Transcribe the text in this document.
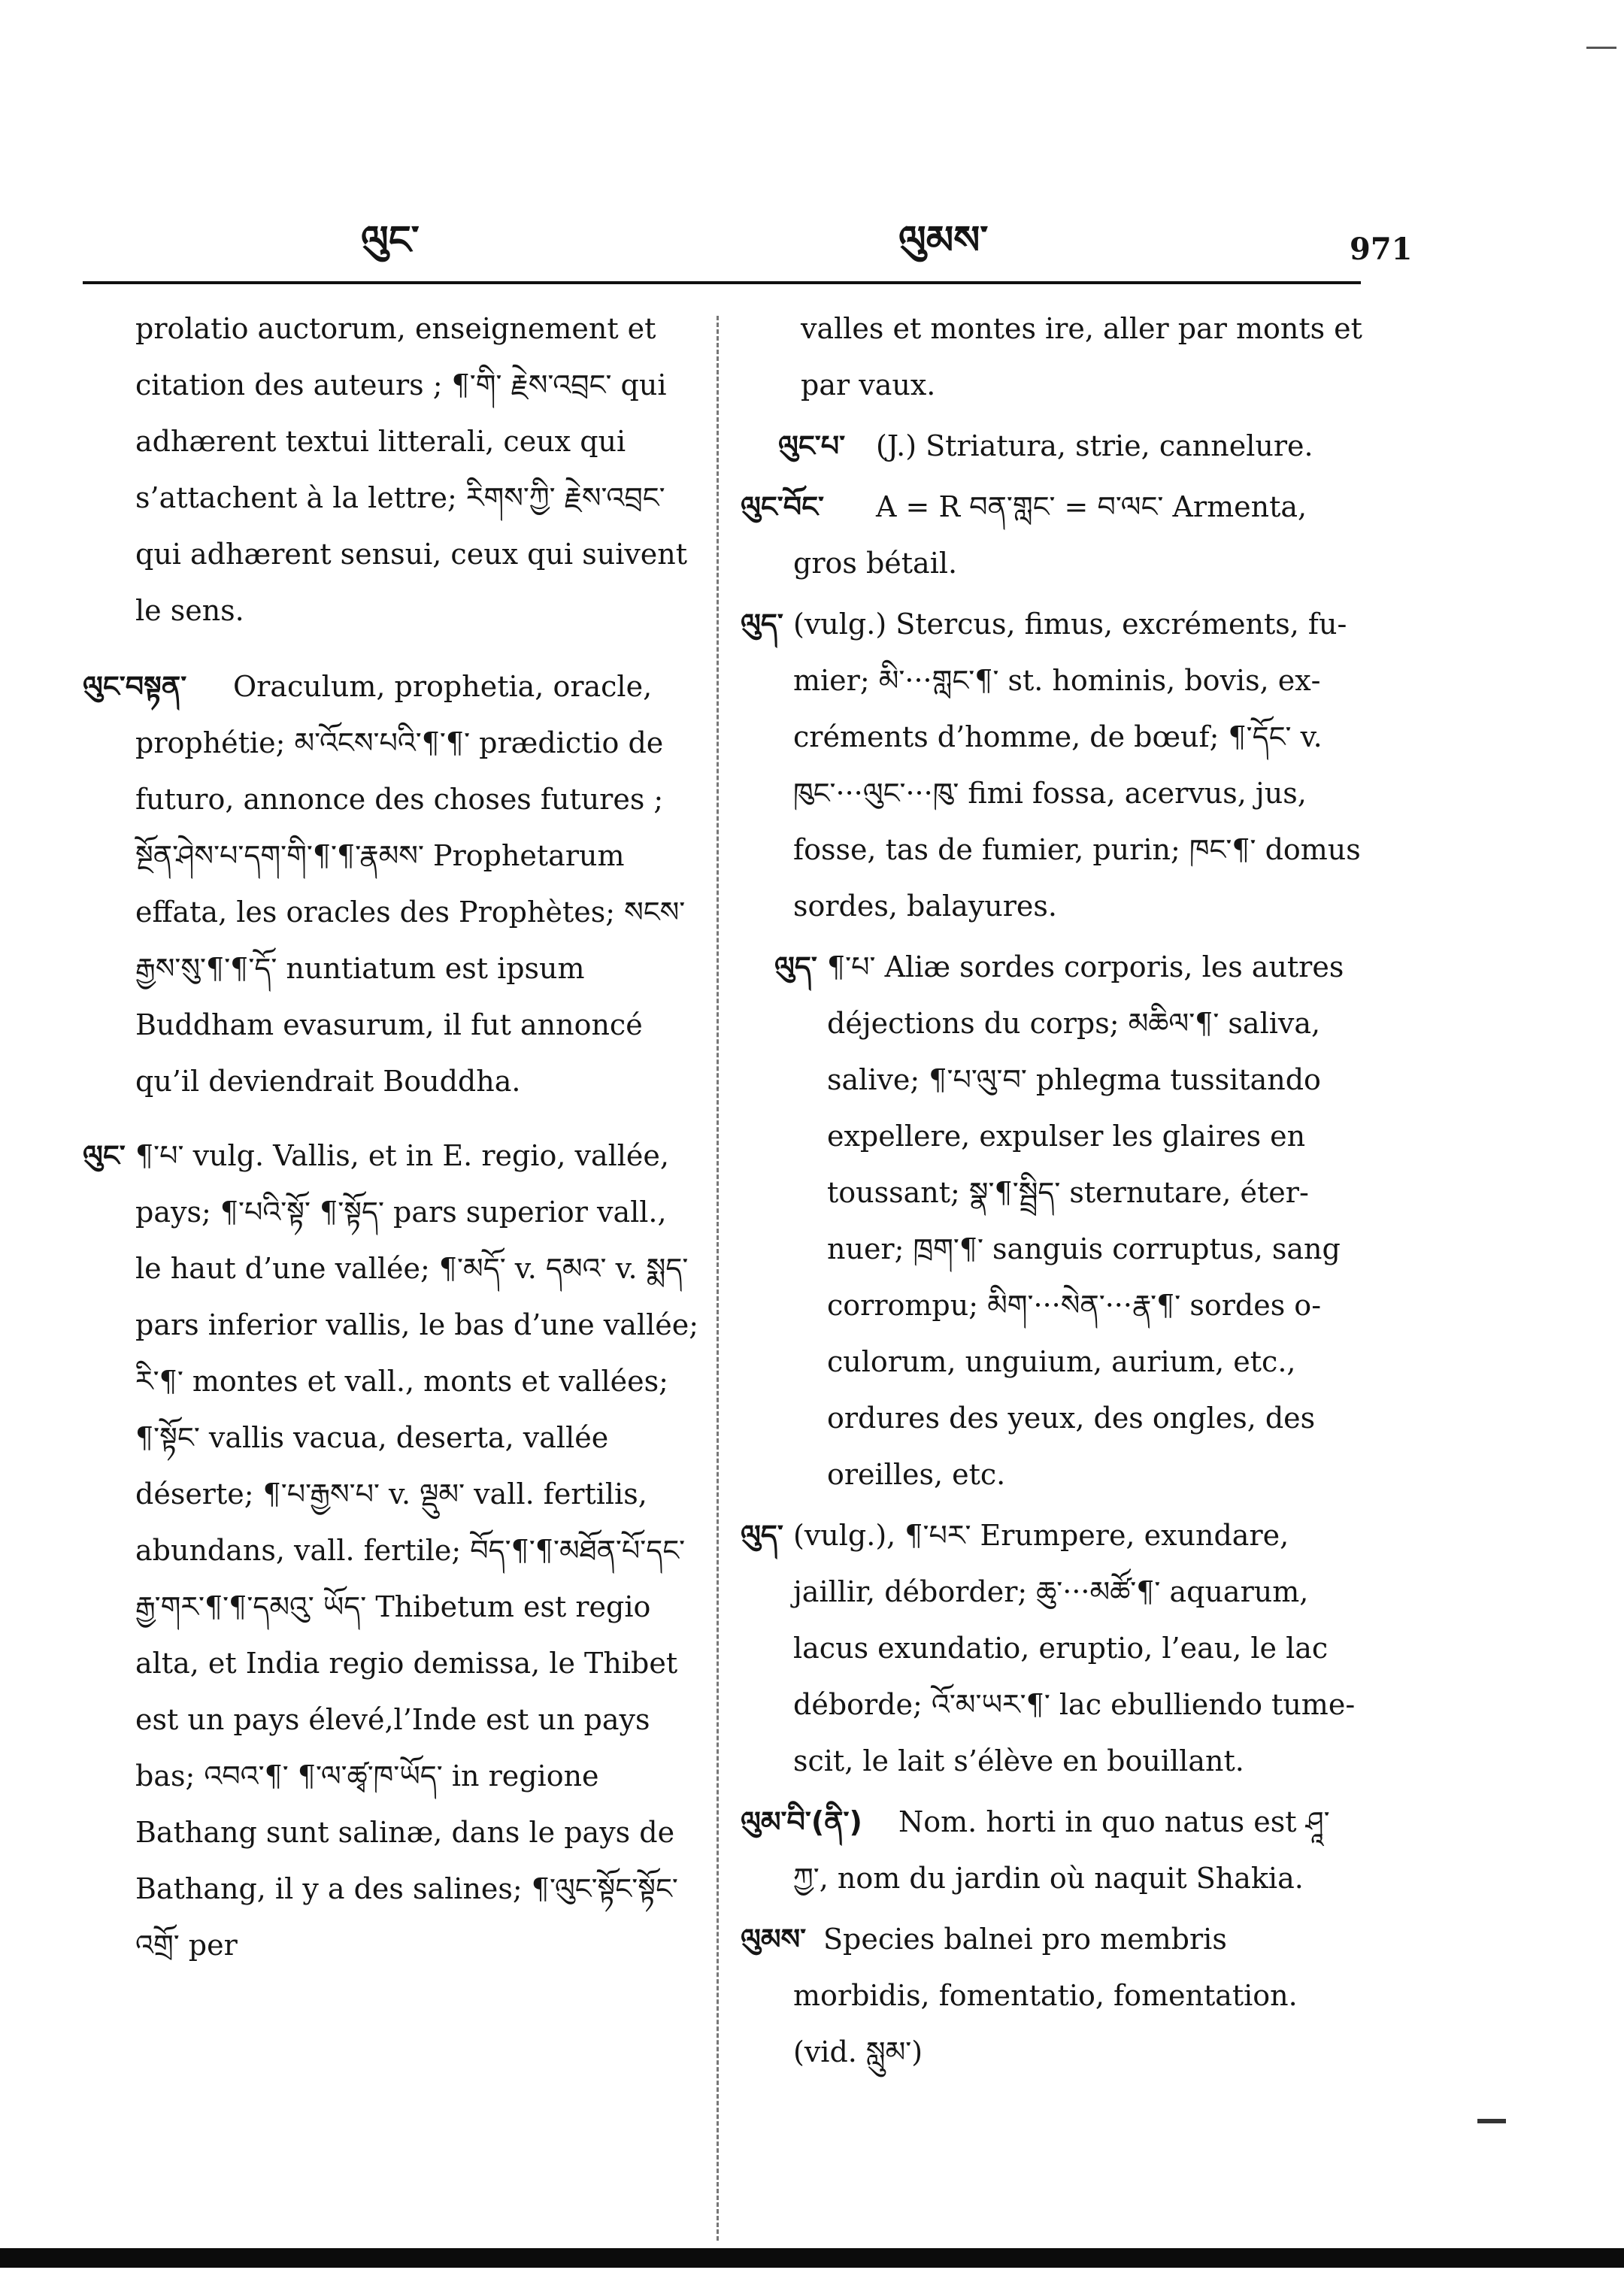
ལུང་	ལུམས་	971

prolatio auctorum, enseignement et citation des auteurs ; ¶་གི་ རྗེས་འབྲང་ qui adhærent textui litterali, ceux qui s’attachent à la lettre; རིགས་ཀྱི་ རྗེས་འབྲང་ qui adhærent sensui, ceux qui suivent le sens.

ལུང་བསྟན་ Oraculum, prophetia, oracle, prophétie; མ་འོངས་པའི་¶་¶་ prædictio de futuro, annonce des choses futures ; སྔོན་ཤེས་པ་དག་གི་¶་¶་རྣམས་ Prophetarum effata, les oracles des Prophètes; སངས་རྒྱས་སུ་¶་¶་དོ་ nuntiatum est ipsum Buddham evasurum, il fut annoncé qu’il deviendrait Bouddha.
ལུང་ ¶་པ་ vulg. Vallis, et in E. regio, vallée, pays; ¶་པའི་སྟོ་ ¶་སྟོད་ pars superior vall., le haut d’une vallée; ¶་མདོ་ v. དམའ་ v. སྨད་ pars inferior vallis, le bas d’une vallée; རི་¶་ montes et vall., monts et vallées; ¶་སྟོང་ vallis vacua, deserta, vallée déserte; ¶་པ་རྒྱས་པ་ v. ལྡུམ་ vall. fertilis, abundans, vall. fertile; བོད་¶་¶་མཐོན་པོ་དང་རྒྱ་གར་¶་¶་དམའུ་ ཡོད་ Thibetum est regio alta, et India regio demissa, le Thibet est un pays élevé,l’Inde est un pays bas; འབའ་¶་ ¶་ལ་ཚྭ་ཁ་ཡོད་ in regione Bathang sunt salinæ, dans le pays de Bathang, il y a des salines; ¶་ལུང་སྟོང་སྟོང་འགྲོ་ per

valles et montes ire, aller par monts et par vaux.

ལུང་པ་ (J.) Striatura, strie, cannelure.
ལུང་བོང་ A = R བན་གླང་ = བ་ལང་ Armenta, gros bétail.
ལུད་ (vulg.) Stercus, fimus, excréments, fumier; མི་···གླང་¶་ st. hominis, bovis, excréments d’homme, de bœuf; ¶་དོང་ v. ཁུང་···ལུང་···ཁུ་ fimi fossa, acervus, jus, fosse, tas de fumier, purin; ཁང་¶་ domus sordes, balayures.
ལུད་ ¶་པ་ Aliæ sordes corporis, les autres déjections du corps; མཆིལ་¶་ saliva, salive; ¶་པ་ལུ་བ་ phlegma tussitando expellere, expulser les glaires en toussant; སྣ་¶་སྦྲིད་ sternutare, éternuer; ཁྲག་¶་ sanguis corruptus, sang corrompu; མིག་···སེན་···རྣ་¶་ sordes oculorum, unguium, aurium, etc., ordures des yeux, des ongles, des oreilles, etc.
ལུད་ (vulg.), ¶་པར་ Erumpere, exundare, jaillir, déborder; ཆུ་···མཚོ་¶་ aquarum, lacus exundatio, eruptio, l’eau, le lac déborde; འོ་མ་ཡར་¶་ lac ebulliendo tumescit, le lait s’élève en bouillant.
ལུམ་བི་(ནི་) Nom. horti in quo natus est ཤཱ་ཀྱ་, nom du jardin où naquit Shakia.
ལུམས་ Species balnei pro membris morbidis, fomentatio, fomentation. (vid. སླུམ་)
